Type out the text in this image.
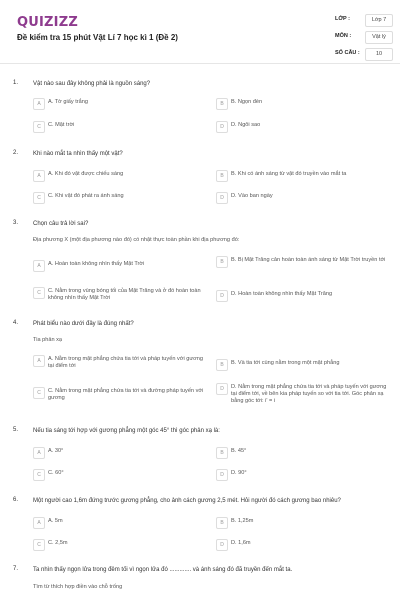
QUIZIZZ
Đề kiểm tra 15 phút Vật Lí 7 học kì 1 (Đề 2)
LỚP :	Lớp 7
MÔN :	Vật lý
SỐ CÂU :	10
1. Vật nào sau đây không phải là nguồn sáng?
A	A. Tờ giấy trắng	B	B. Ngọn đèn
C	C. Mặt trời	D	D. Ngôi sao
2. Khi nào mắt ta nhìn thấy một vật?
A	A. Khi đó vật được chiếu sáng	B	B. Khi có ánh sáng từ vật đó truyền vào mắt ta
C	C. Khi vật đó phát ra ánh sáng	D	D. Vào ban ngày
3. Chọn câu trả lời sai?
Địa phương X (một địa phương nào đó) có nhật thực toàn phần khi địa phương đó:
A	A. Hoàn toàn không nhìn thấy Mặt Trời	B	B. Bị Mặt Trăng cản hoàn toàn ánh sáng từ Mặt Trời truyền tới
C	C. Nằm trong vùng bóng tối của Mặt Trăng và ở đó hoàn toàn không nhìn thấy Mặt Trời	D	D. Hoàn toàn không nhìn thấy Mặt Trăng
4. Phát biểu nào dưới đây là đúng nhất?
Tia phản xạ
A	A. Nằm trong mặt phẳng chứa tia tới và pháp tuyến với gương tại điểm tới	B	B. Và tia tới cùng nằm trong một mặt phẳng
C	C. Nằm trong mặt phẳng chứa tia tới và đường pháp tuyến với gương
D	D. Nằm trong mặt phẳng chứa tia tới và pháp tuyến với gương tại điểm tới, về bên kia pháp tuyến so với tia tới. Góc phản xạ bằng góc tới: i' = i
5. Nếu tia sáng tới hợp với gương phẳng một góc 45° thì góc phản xạ là:
A	A. 30°	B	B. 45°
C	C. 60°	D	D. 90°
6. Một người cao 1,6m đứng trước gương phẳng, cho ảnh cách gương 2,5 mét. Hỏi người đó cách gương bao nhiêu?
A	A. 5m	B	B. 1,25m
C	C. 2,5m	D	D. 1,6m
7. Ta nhìn thấy ngọn lửa trong đêm tối vì ngọn lửa đó ............. và ánh sáng đó đã truyền đến mắt ta.
Tìm từ thích hợp điền vào chỗ trống
